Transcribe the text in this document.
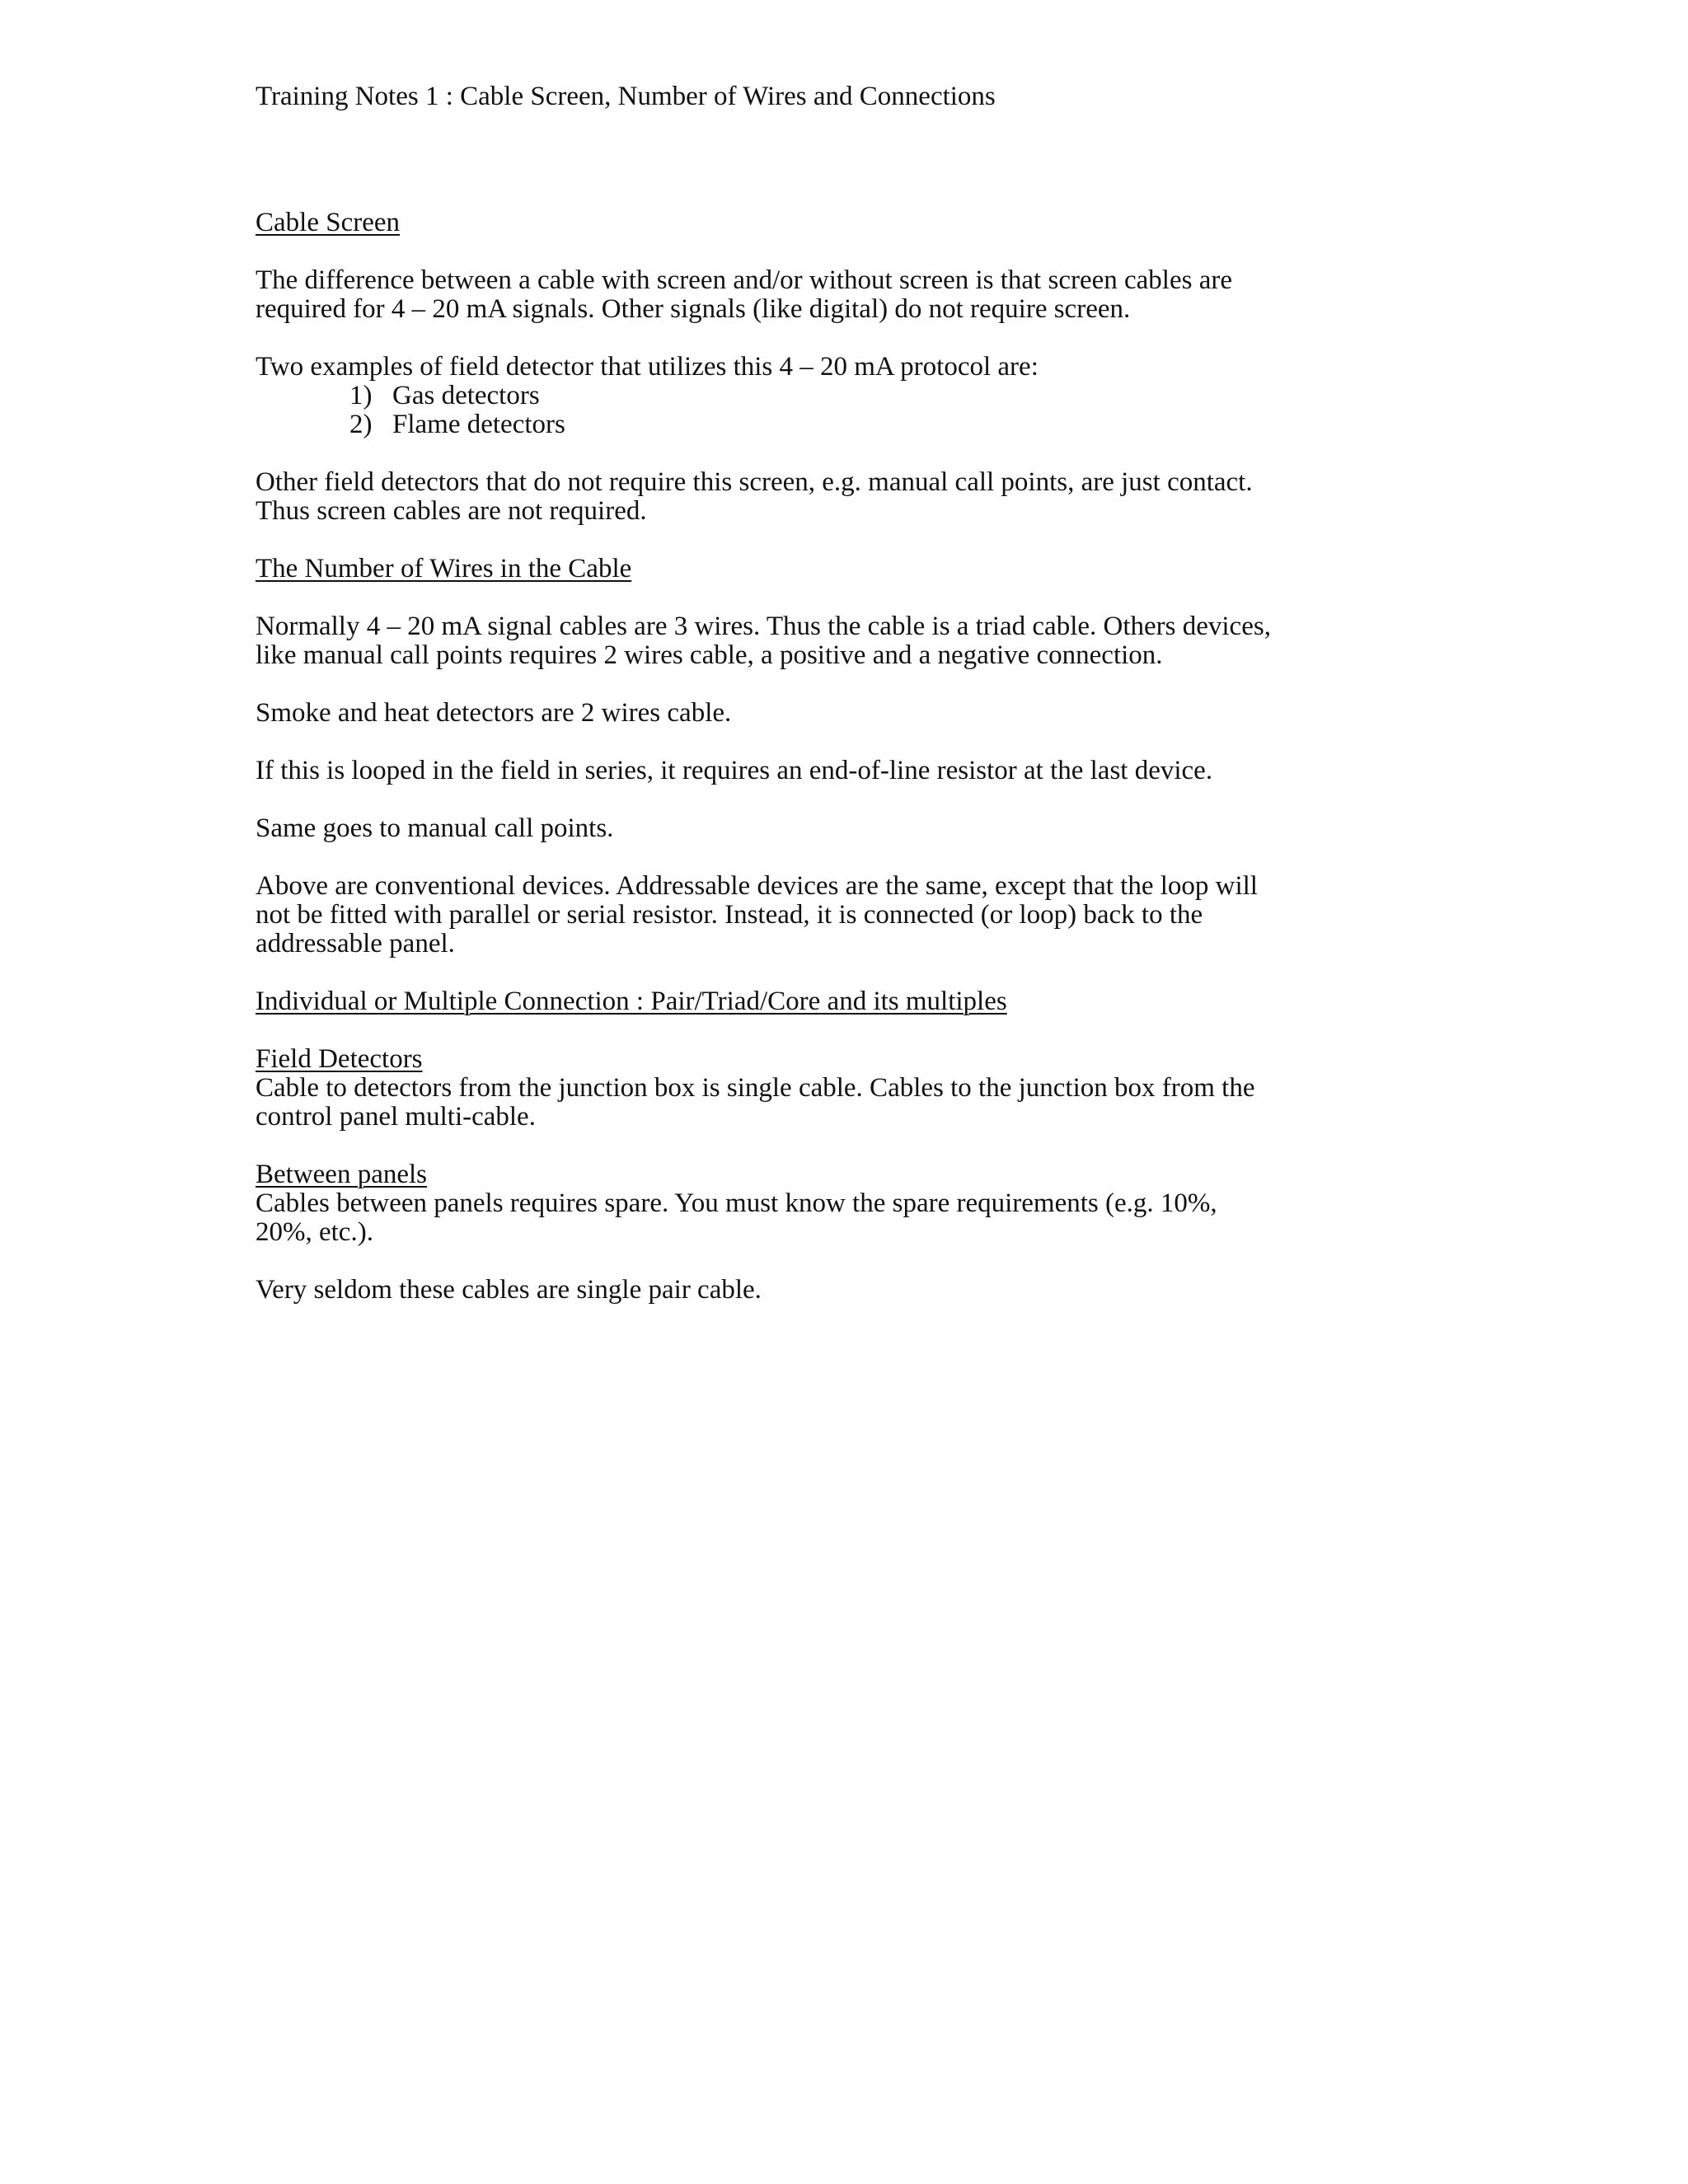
Training Notes 1 : Cable Screen, Number of Wires and Connections
Cable Screen

The difference between a cable with screen and/or without screen is that screen cables are
required for 4 – 20 mA signals. Other signals (like digital) do not require screen.

Two examples of field detector that utilizes this 4 – 20 mA protocol are:

1) Gas detectors
2) Flame detectors

Other field detectors that do not require this screen, e.g. manual call points, are just contact.
Thus screen cables are not required.

The Number of Wires in the Cable

Normally 4 – 20 mA signal cables are 3 wires. Thus the cable is a triad cable. Others devices,
like manual call points requires 2 wires cable, a positive and a negative connection.

Smoke and heat detectors are 2 wires cable.

If this is looped in the field in series, it requires an end-of-line resistor at the last device.

Same goes to manual call points.

Above are conventional devices. Addressable devices are the same, except that the loop will
not be fitted with parallel or serial resistor. Instead, it is connected (or loop) back to the
addressable panel.

Individual or Multiple Connection : Pair/Triad/Core and its multiples
Field Detectors

Cable to detectors from the junction box is single cable. Cables to the junction box from the
control panel multi-cable.

Between panels

Cables between panels requires spare. You must know the spare requirements (e.g. 10%,
20%, etc.).

Very seldom these cables are single pair cable.
